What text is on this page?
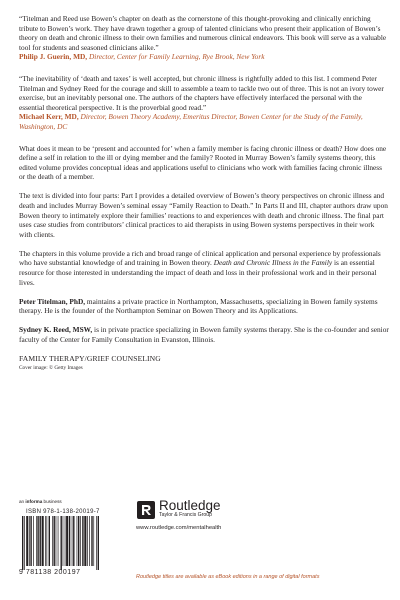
“Titelman and Reed use Bowen’s chapter on death as the cornerstone of this thought-provoking and clinically enriching tribute to Bowen’s work. They have drawn together a group of talented clinicians who present their application of Bowen’s theory on death and chronic illness to their own families and numerous clinical endeavors. This book will serve as a valuable tool for students and seasoned clinicians alike.”

Philip J. Guerin, MD, Director, Center for Family Learning, Rye Brook, New York

“The inevitability of ‘death and taxes’ is well accepted, but chronic illness is rightfully added to this list. I commend Peter Titelman and Sydney Reed for the courage and skill to assemble a team to tackle two out of three. This is not an ivory tower exercise, but an inevitably personal one. The authors of the chapters have effectively interfaced the personal with the essential theoretical perspective. It is the proverbial good read.”

Michael Kerr, MD, Director, Bowen Theory Academy, Emeritus Director, Bowen Center for the Study of the Family, Washington, DC

What does it mean to be ‘present and accounted for’ when a family member is facing chronic illness or death? How does one define a self in relation to the ill or dying member and the family? Rooted in Murray Bowen’s family systems theory, this edited volume provides conceptual ideas and applications useful to clinicians who work with families facing chronic illness or the death of a member.

The text is divided into four parts: Part I provides a detailed overview of Bowen’s theory perspectives on chronic illness and death and includes Murray Bowen’s seminal essay “Family Reaction to Death.” In Parts II and III, chapter authors draw upon Bowen theory to intimately explore their families’ reactions to and experiences with death and chronic illness. The final part uses case studies from contributors’ clinical practices to aid therapists in using Bowen systems perspectives in their work with clients.

The chapters in this volume provide a rich and broad range of clinical application and personal experience by professionals who have substantial knowledge of and training in Bowen theory. Death and Chronic Illness in the Family is an essential resource for those interested in understanding the impact of death and loss in their professional work and in their personal lives.

Peter Titelman, PhD, maintains a private practice in Northampton, Massachusetts, specializing in Bowen family systems therapy. He is the founder of the Northampton Seminar on Bowen Theory and its Applications.

Sydney K. Reed, MSW, is in private practice specializing in Bowen family systems therapy. She is the co-founder and senior faculty of the Center for Family Consultation in Evanston, Illinois.

FAMILY THERAPY/GRIEF COUNSELING
Cover image: © Getty Images
an informa business
ISBN 978-1-138-20019-7
9 781138 200197
Routledge
Taylor & Francis Group
www.routledge.com/mentalhealth
Routledge titles are available as eBook editions in a range of digital formats
